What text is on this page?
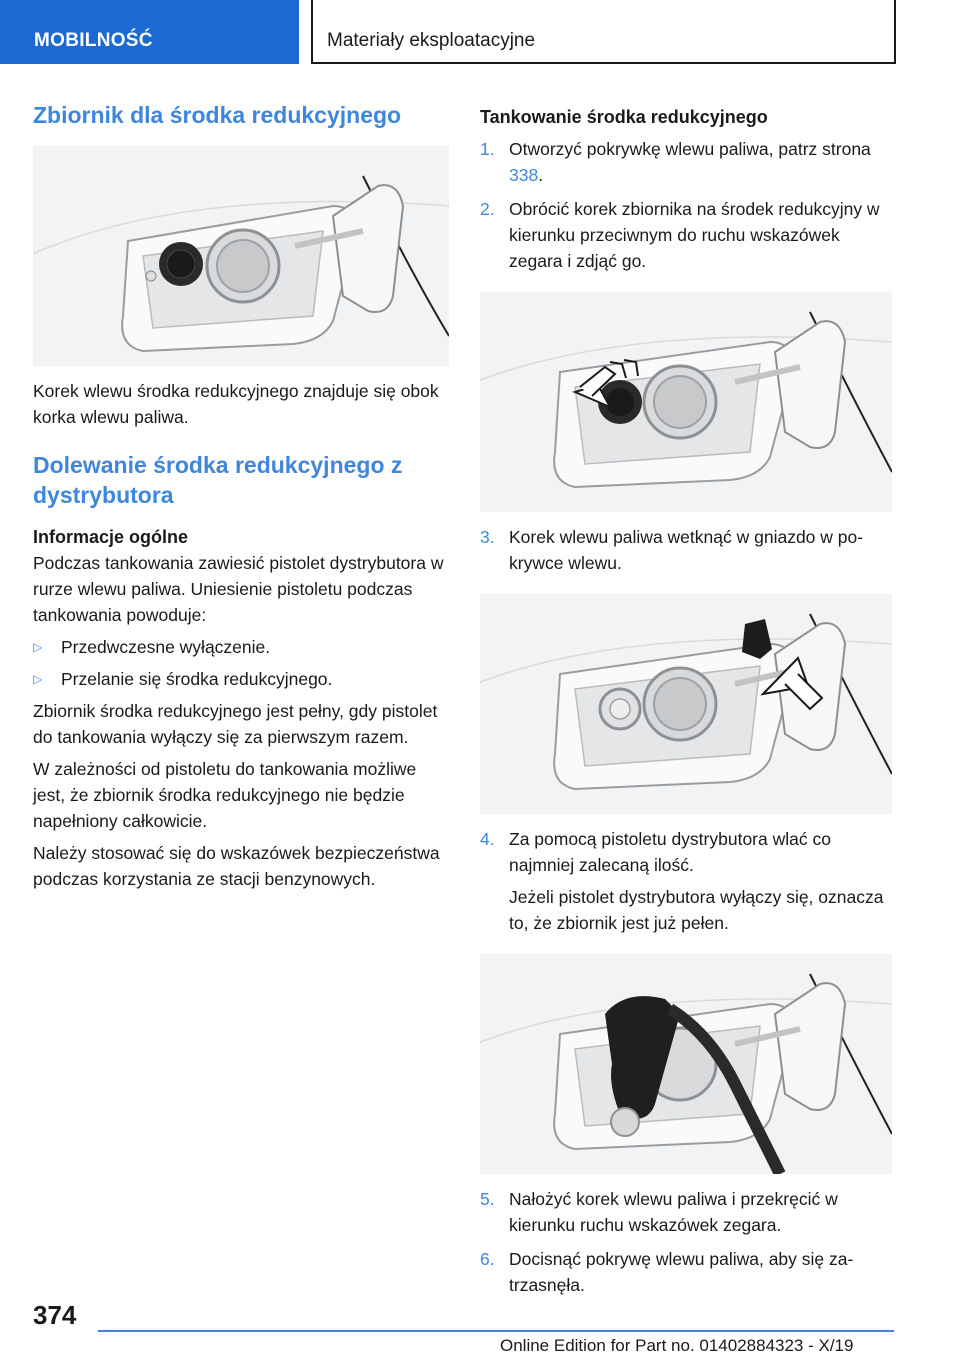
MOBILNOŚĆ	Materiały eksploatacyjne
Zbiornik dla środka redukcyjnego
Korek wlewu środka redukcyjnego znajduje się obok korka wlewu paliwa.
Dolewanie środka redukcyjnego z dystrybutora
Informacje ogólne
Podczas tankowania zawiesić pistolet dystrybutora w rurze wlewu paliwa. Uniesienie pistoletu podczas tankowania powoduje:
▷	Przedwczesne wyłączenie.
▷	Przelanie się środka redukcyjnego.
Zbiornik środka redukcyjnego jest pełny, gdy pistolet do tankowania wyłączy się za pierwszym razem.
W zależności od pistoletu do tankowania możliwe jest, że zbiornik środka redukcyjnego nie będzie napełniony całkowicie.
Należy stosować się do wskazówek bezpieczeństwa podczas korzystania ze stacji benzynowych.
Tankowanie środka redukcyjnego
1. Otworzyć pokrywkę wlewu paliwa, patrz strona 338.
2. Obrócić korek zbiornika na środek redukcyjny w kierunku przeciwnym do ruchu wskazówek zegara i zdjąć go.
3. Korek wlewu paliwa wetknąć w gniazdo w pokrywce wlewu.
4. Za pomocą pistoletu dystrybutora wlać co najmniej zalecaną ilość.
Jeżeli pistolet dystrybutora wyłączy się, oznacza to, że zbiornik jest już pełen.
5. Nałożyć korek wlewu paliwa i przekręcić w kierunku ruchu wskazówek zegara.
6. Docisnąć pokrywę wlewu paliwa, aby się zatrzasnęła.
374
Online Edition for Part no. 01402884323 - X/19
